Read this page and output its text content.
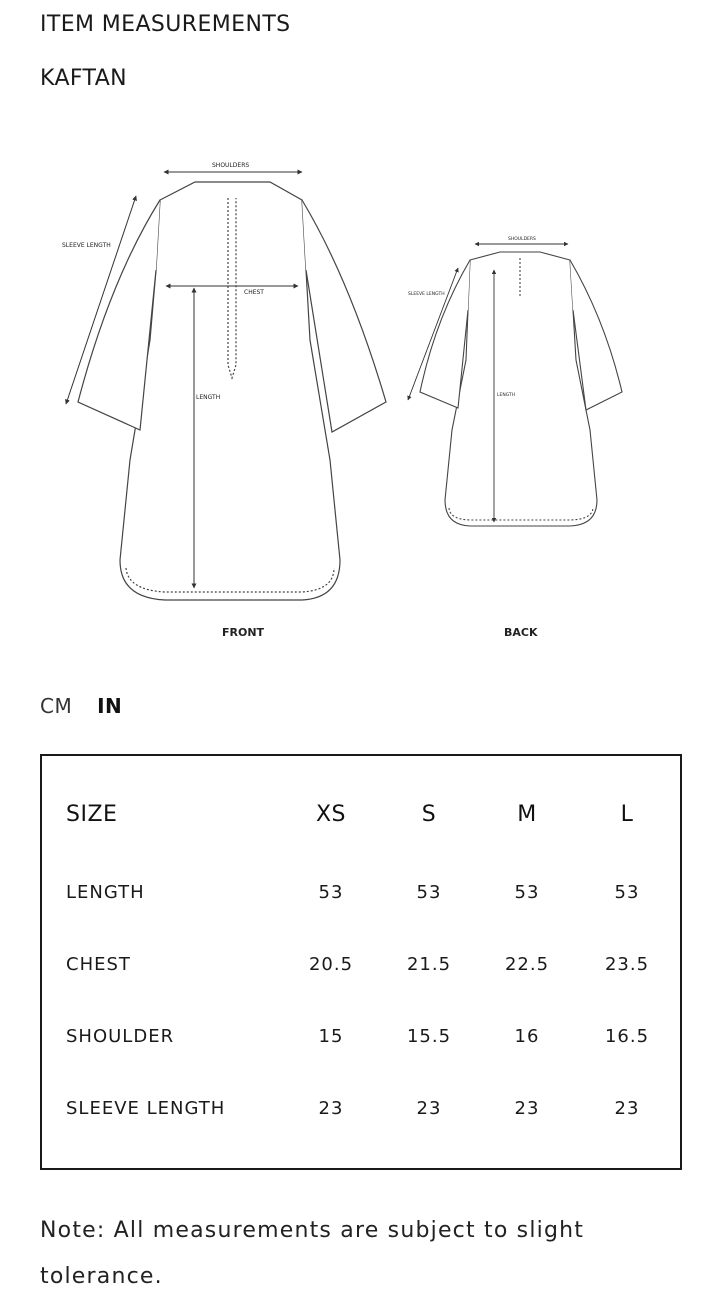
ITEM MEASUREMENTS
KAFTAN
SHOULDERS
SLEEVE LENGTH
CHEST
LENGTH
SHOULDERS
SLEEVE LENGTH
LENGTH
FRONT	BACK
CM IN
SIZE	XS	S	M	L
LENGTH	53	53	53	53
CHEST	20.5	21.5	22.5	23.5
SHOULDER	15	15.5	16	16.5
SLEEVE LENGTH	23	23	23	23
Note: All measurements are subject to slight tolerance.
